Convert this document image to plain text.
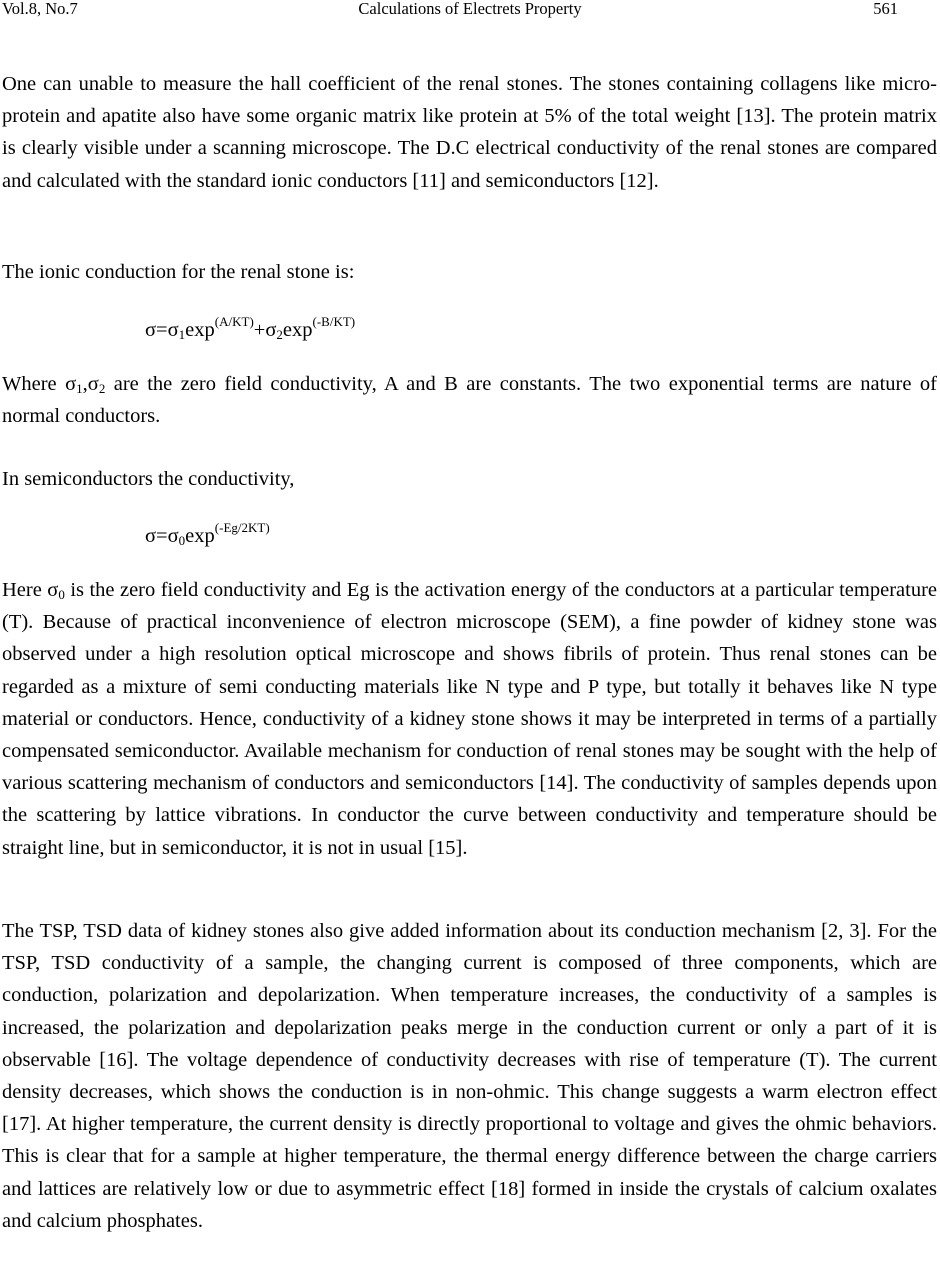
Vol.8, No.7	Calculations of Electrets Property	561

One can unable to measure the hall coefficient of the renal stones. The stones containing collagens like micro-protein and apatite also have some organic matrix like protein at 5% of the total weight [13]. The protein matrix is clearly visible under a scanning microscope. The D.C electrical conductivity of the renal stones are compared and calculated with the standard ionic conductors [11] and semiconductors [12].

The ionic conduction for the renal stone is:

$\sigma=\sigma_1\exp^{(A/KT)}+\sigma_2\exp^{(-B/KT)}$

Where $\sigma_1,\sigma_2$ are the zero field conductivity, A and B are constants. The two exponential terms are nature of normal conductors.

In semiconductors the conductivity,

$\sigma=\sigma_0\exp^{(-Eg/2KT)}$

Here $\sigma_0$ is the zero field conductivity and Eg is the activation energy of the conductors at a particular temperature (T). Because of practical inconvenience of electron microscope (SEM), a fine powder of kidney stone was observed under a high resolution optical microscope and shows fibrils of protein. Thus renal stones can be regarded as a mixture of semi conducting materials like N type and P type, but totally it behaves like N type material or conductors. Hence, conductivity of a kidney stone shows it may be interpreted in terms of a partially compensated semiconductor. Available mechanism for conduction of renal stones may be sought with the help of various scattering mechanism of conductors and semiconductors [14]. The conductivity of samples depends upon the scattering by lattice vibrations. In conductor the curve between conductivity and temperature should be straight line, but in semiconductor, it is not in usual [15].

The TSP, TSD data of kidney stones also give added information about its conduction mechanism [2, 3]. For the TSP, TSD conductivity of a sample, the changing current is composed of three components, which are conduction, polarization and depolarization. When temperature increases, the conductivity of a samples is increased, the polarization and depolarization peaks merge in the conduction current or only a part of it is observable [16]. The voltage dependence of conductivity decreases with rise of temperature (T). The current density decreases, which shows the conduction is in non-ohmic. This change suggests a warm electron effect [17]. At higher temperature, the current density is directly proportional to voltage and gives the ohmic behaviors. This is clear that for a sample at higher temperature, the thermal energy difference between the charge carriers and lattices are relatively low or due to asymmetric effect [18] formed in inside the crystals of calcium oxalates and calcium phosphates.
